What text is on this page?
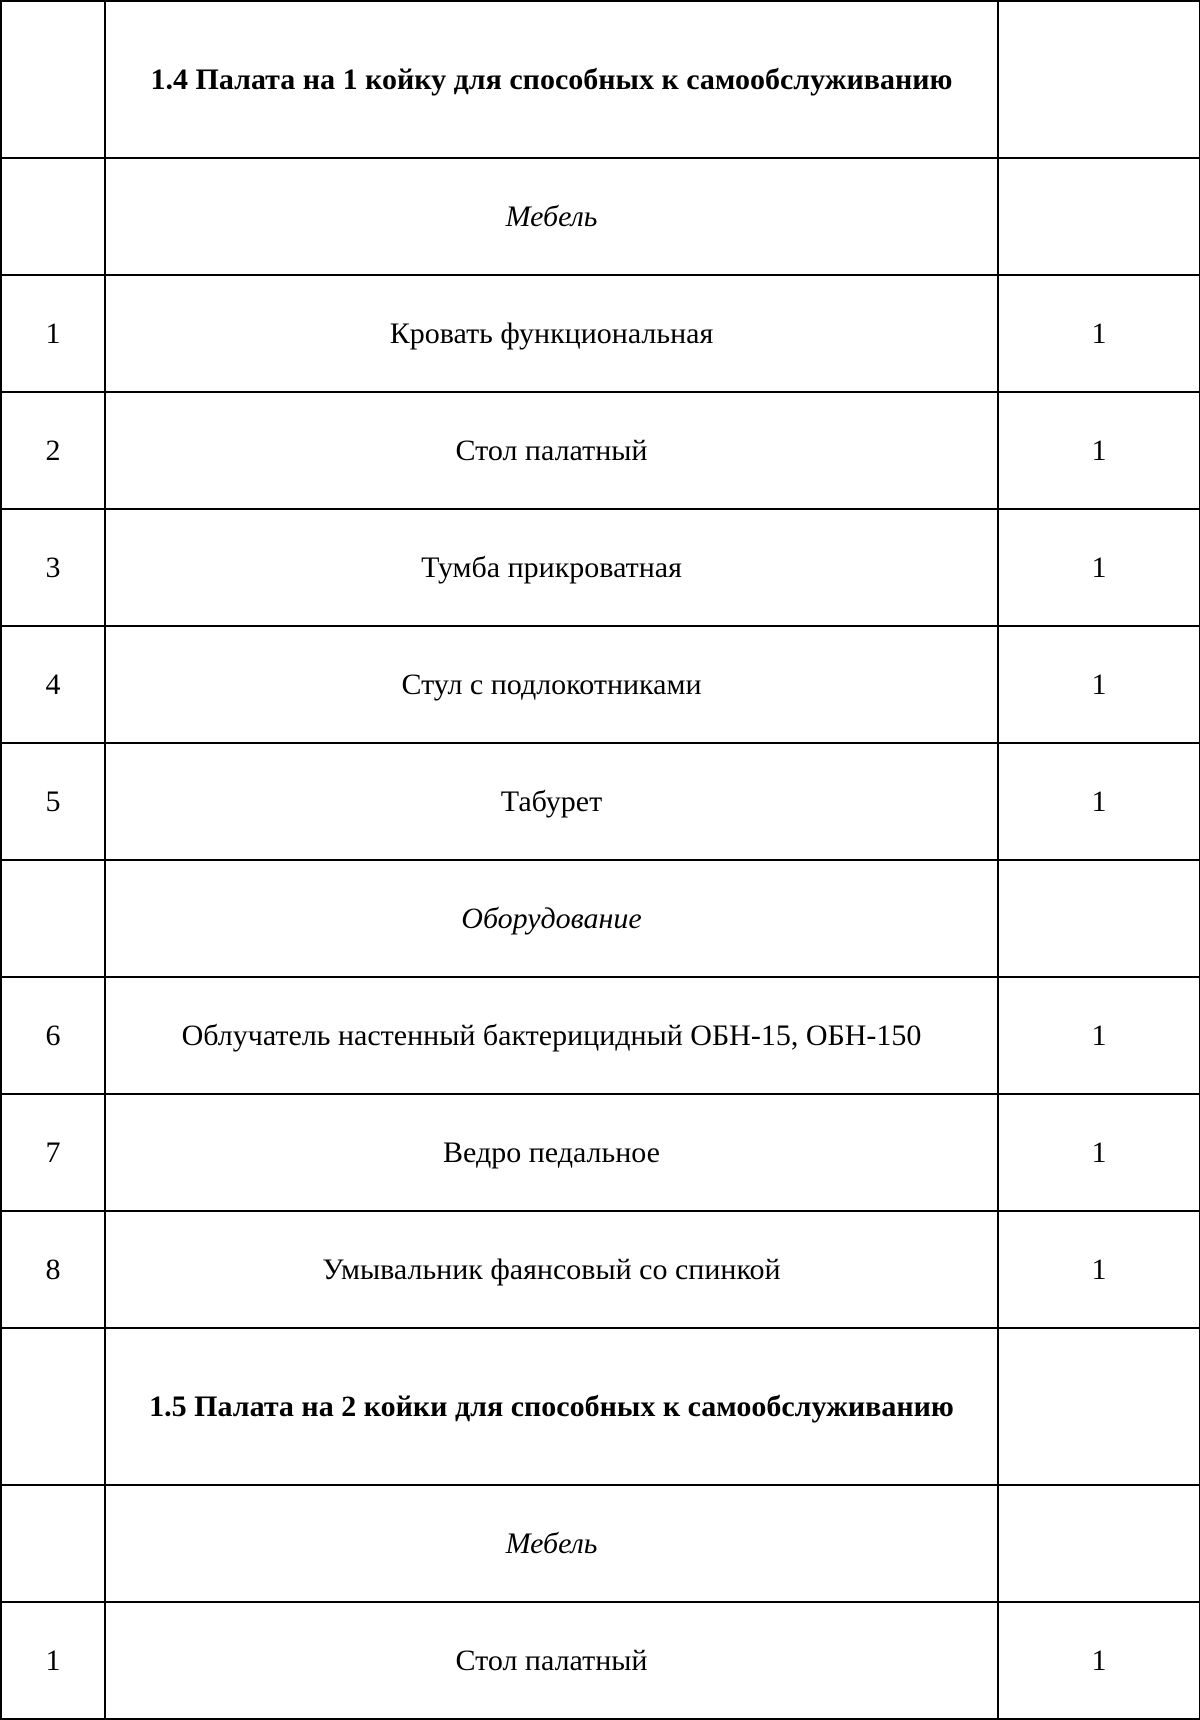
	1.4 Палата на 1 койку для способных к самообслуживанию	
	Мебель	
1	Кровать функциональная	1
2	Стол палатный	1
3	Тумба прикроватная	1
4	Стул с подлокотниками	1
5	Табурет	1
	Оборудование	
6	Облучатель настенный бактерицидный ОБН-15, ОБН-150	1
7	Ведро педальное	1
8	Умывальник фаянсовый со спинкой	1
	1.5 Палата на 2 койки для способных к самообслуживанию	
	Мебель	
1	Стол палатный	1
